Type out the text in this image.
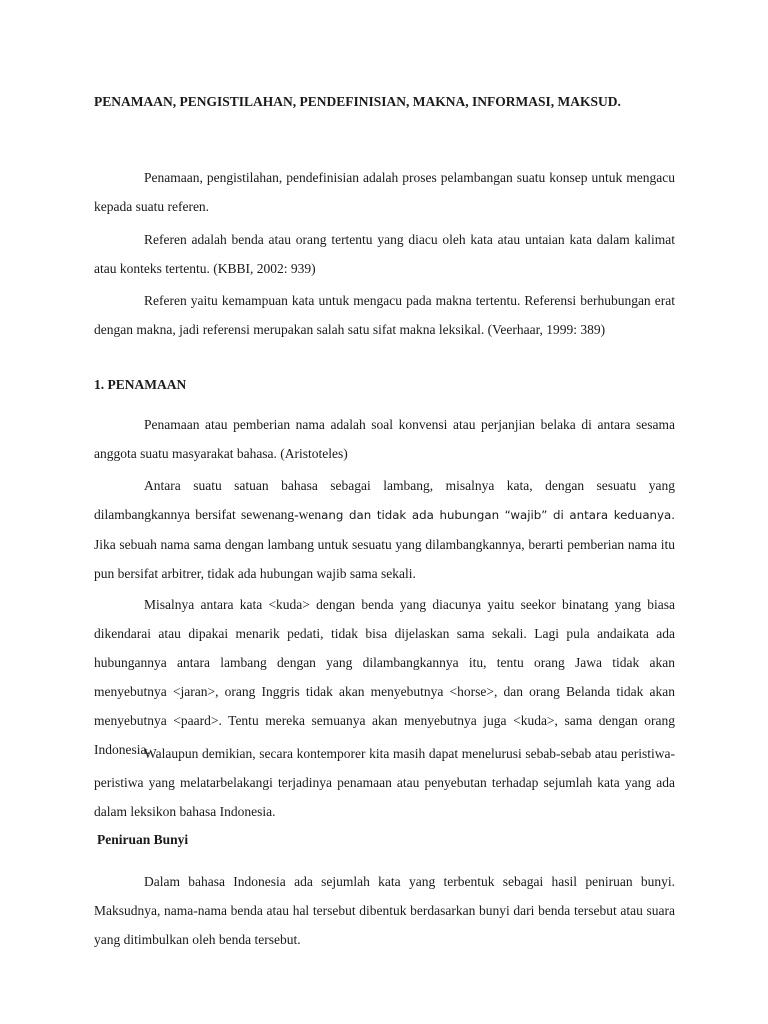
PENAMAAN, PENGISTILAHAN, PENDEFINISIAN, MAKNA, INFORMASI, MAKSUD.

Penamaan, pengistilahan, pendefinisian adalah proses pelambangan suatu konsep untuk mengacu kepada suatu referen.

Referen adalah benda atau orang tertentu yang diacu oleh kata atau untaian kata dalam kalimat atau konteks tertentu. (KBBI, 2002: 939)

Referen yaitu kemampuan kata untuk mengacu pada makna tertentu. Referensi berhubungan erat dengan makna, jadi referensi merupakan salah satu sifat makna leksikal. (Veerhaar, 1999: 389)

1. PENAMAAN

Penamaan atau pemberian nama adalah soal konvensi atau perjanjian belaka di antara sesama anggota suatu masyarakat bahasa. (Aristoteles)

Antara suatu satuan bahasa sebagai lambang, misalnya kata, dengan sesuatu yang dilambangkannya bersifat sewenang-wenang dan tidak ada hubungan “wajib” di antara keduanya. Jika sebuah nama sama dengan lambang untuk sesuatu yang dilambangkannya, berarti pemberian nama itu pun bersifat arbitrer, tidak ada hubungan wajib sama sekali.

Misalnya antara kata <kuda> dengan benda yang diacunya yaitu seekor binatang yang biasa dikendarai atau dipakai menarik pedati, tidak bisa dijelaskan sama sekali. Lagi pula andaikata ada hubungannya antara lambang dengan yang dilambangkannya itu, tentu orang Jawa tidak akan menyebutnya <jaran>, orang Inggris tidak akan menyebutnya <horse>, dan orang Belanda tidak akan menyebutnya <paard>. Tentu mereka semuanya akan menyebutnya juga <kuda>, sama dengan orang Indonesia.

Walaupun demikian, secara kontemporer kita masih dapat menelurusi sebab-sebab atau peristiwa-peristiwa yang melatarbelakangi terjadinya penamaan atau penyebutan terhadap sejumlah kata yang ada dalam leksikon bahasa Indonesia.

Peniruan Bunyi

Dalam bahasa Indonesia ada sejumlah kata yang terbentuk sebagai hasil peniruan bunyi. Maksudnya, nama-nama benda atau hal tersebut dibentuk berdasarkan bunyi dari benda tersebut atau suara yang ditimbulkan oleh benda tersebut.
